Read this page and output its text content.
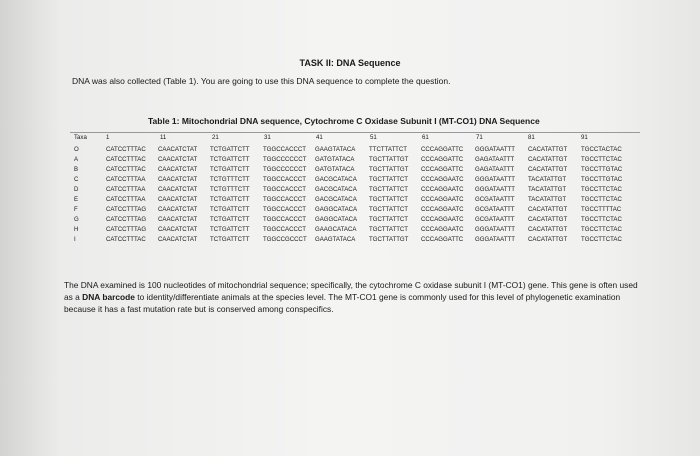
TASK II: DNA Sequence
DNA was also collected (Table 1). You are going to use this DNA sequence to complete the question.
Table 1: Mitochondrial DNA sequence, Cytochrome C Oxidase Subunit I (MT-CO1) DNA Sequence
Taxa	1	11	21	31	41	51	61	71	81	91
O	CATCCTTTAC CAACATCTAT TCTGATTCTT TGGCCACCCT GAAGTATACA TTCTTATTCT CCCAGGATTC GGGATAATTT CACATATTGT TGCCTACTAC
A	CATCCTTTAC CAACATCTAT TCTGATTCTT TGGCCCCCCT GATGTATACA TGCTTATTGT CCCAGGATTC GAGATAATTT CACATATTGT TGCCTTCTAC
B	CATCCTTTAC CAACATCTAT TCTGATTCTT TGGCCCCCCT GATGTATACA TGCTTATTGT CCCAGGATTC GAGATAATTT CACATATTGT TGCCTTGTAC
C	CATCCTTTAA CAACATCTAT TCTGTTTCTT TGGCCACCCT GACGCATACA TGCTTATTCT CCCAGGAATC GGGATAATTT TACATATTGT TGCCTTGTAC
D	CATCCTTTAA CAACATCTAT TCTGTTTCTT TGGCCACCCT GACGCATACA TGCTTATTCT CCCAGGAATC GGGATAATTT TACATATTGT TGCCTTCTAC
E	CATCCTTTAA CAACATCTAT TCTGATTCTT TGGCCACCCT GACGCATACA TGCTTATTCT CCCAGGAATC GCGATAATTT TACATATTGT TGCCTTCTAC
F	CATCCTTTAG CAACATCTAT TCTGATTCTT TGGCCACCCT GAGGCATACA TGCTTATTCT CCCAGGAATC GCGATAATTT CACATATTGT TGCCTTTTAC
G	CATCCTTTAG CAACATCTAT TCTGATTCTT TGGCCACCCT GAGGCATACA TGCTTATTCT CCCAGGAATC GCGATAATTT CACATATTGT TGCCTTCTAC
H	CATCCTTTAG CAACATCTAT TCTGATTCTT TGGCCACCCT GAAGCATACA TGCTTATTCT CCCAGGAATC GGGATAATTT CACATATTGT TGCCTTCTAC
I	CATCCTTTAC CAACATCTAT TCTGATTCTT TGGCCGCCCT GAAGTATACA TGCTTATTGT CCCAGGATTC GGGATAATTT CACATATTGT TGCCTTCTAC
The DNA examined is 100 nucleotides of mitochondrial sequence; specifically, the cytochrome C oxidase subunit I (MT-CO1) gene. This gene is often used as a DNA barcode to identity/differentiate animals at the species level. The MT-CO1 gene is commonly used for this level of phylogenetic examination because it has a fast mutation rate but is conserved among conspecifics.
